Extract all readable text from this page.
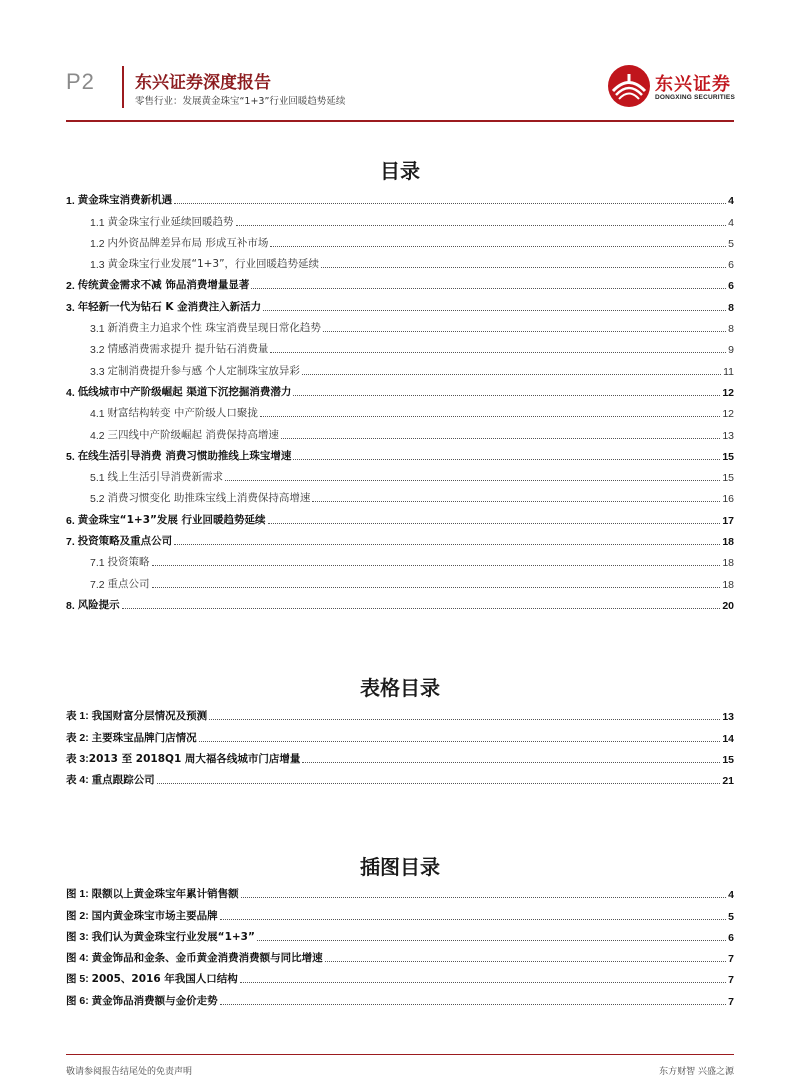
P2 东兴证券深度报告
零售行业：发展黄金珠宝“1+3”行业回暖趋势延续
东兴证券
DONGXING SECURITIES
目录
1. 黄金珠宝消费新机遇	4
1.1 黄金珠宝行业延续回暖趋势	4
1.2 内外资品牌差异布局 形成互补市场	5
1.3 黄金珠宝行业发展“1+3”，行业回暖趋势延续	6
2. 传统黄金需求不减 饰品消费增量显著	6
3. 年轻新一代为钻石 K 金消费注入新活力	8
3.1 新消费主力追求个性 珠宝消费呈现日常化趋势	8
3.2 情感消费需求提升 提升钻石消费量	9
3.3 定制消费提升参与感 个人定制珠宝放异彩	11
4. 低线城市中产阶级崛起 渠道下沉挖掘消费潜力	12
4.1 财富结构转变 中产阶级人口聚拢	12
4.2 三四线中产阶级崛起 消费保持高增速	13
5. 在线生活引导消费 消费习惯助推线上珠宝增速	15
5.1 线上生活引导消费新需求	15
5.2 消费习惯变化 助推珠宝线上消费保持高增速	16
6. 黄金珠宝“1+3”发展 行业回暖趋势延续	17
7. 投资策略及重点公司	18
7.1 投资策略	18
7.2 重点公司	18
8. 风险提示	20
表格目录
表 1: 我国财富分层情况及预测	13
表 2: 主要珠宝品牌门店情况	14
表 3: 2013 至 2018Q1 周大福各线城市门店增量	15
表 4: 重点跟踪公司	21
插图目录
图 1: 限额以上黄金珠宝年累计销售额	4
图 2: 国内黄金珠宝市场主要品牌	5
图 3: 我们认为黄金珠宝行业发展“1+3”	6
图 4: 黄金饰品和金条、金币黄金消费消费额与同比增速	7
图 5: 2005、2016 年我国人口结构	7
图 6: 黄金饰品消费额与金价走势	7
敬请参阅报告结尾处的免责声明	东方财智 兴盛之源
